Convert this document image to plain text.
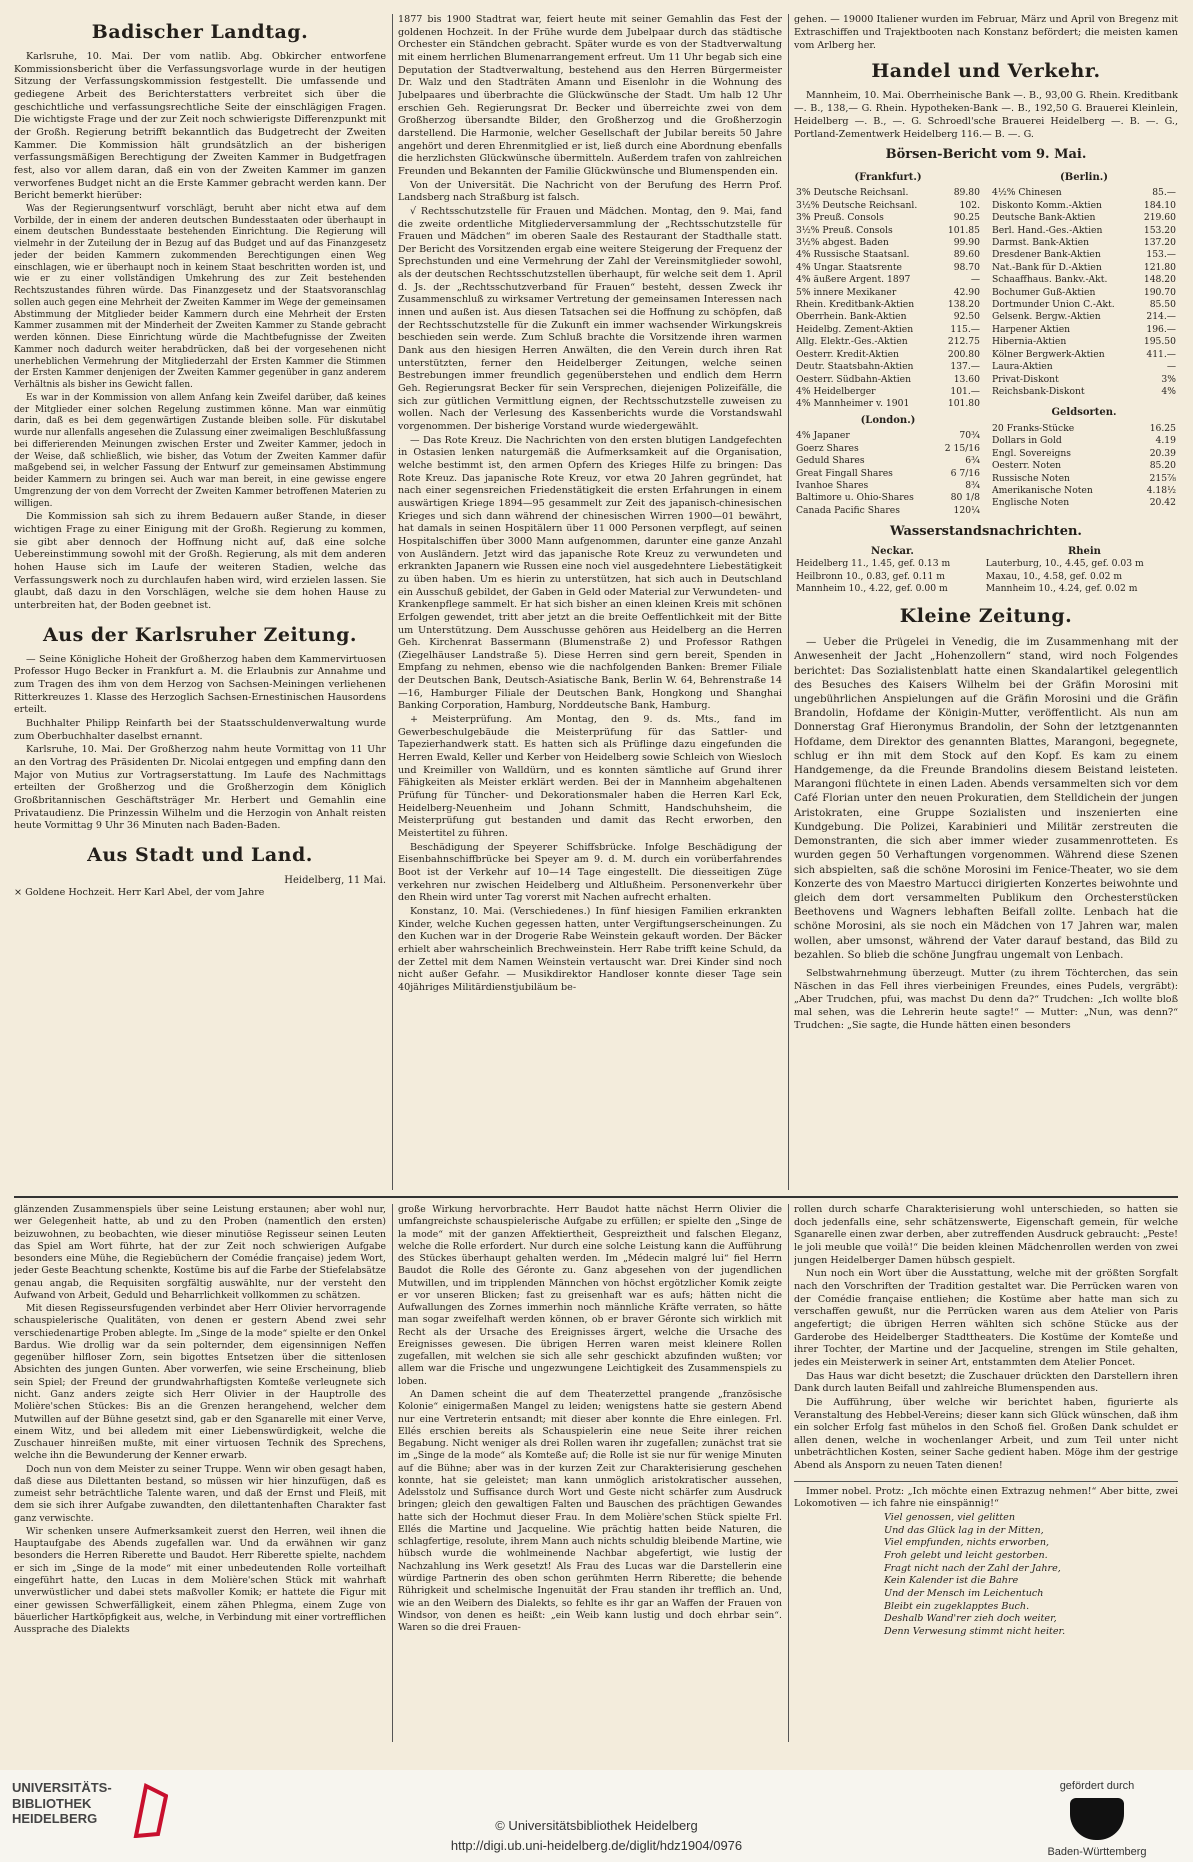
Badischer Landtag.

Karlsruhe, 10. Mai. Der vom natlib. Abg. Obkircher entworfene Kommissionsbericht über die Verfassungsvorlage wurde in der heutigen Sitzung der Verfassungskommission festgestellt. Die umfassende und gediegene Arbeit des Berichterstatters verbreitet sich über die geschichtliche und verfassungsrechtliche Seite der einschlägigen Fragen. Die wichtigste Frage und der zur Zeit noch schwierigste Differenzpunkt mit der Großh. Regierung betrifft bekanntlich das Budgetrecht der Zweiten Kammer. Die Kommission hält grundsätzlich an der bisherigen verfassungsmäßigen Berechtigung der Zweiten Kammer in Budgetfragen fest, also vor allem daran, daß ein von der Zweiten Kammer im ganzen verworfenes Budget nicht an die Erste Kammer gebracht werden kann. Der Bericht bemerkt hierüber:

Was der Regierungsentwurf vorschlägt, beruht aber nicht etwa auf dem Vorbilde, der in einem der anderen deutschen Bundesstaaten oder überhaupt in einem deutschen Bundesstaate bestehenden Einrichtung. Die Regierung will vielmehr in der Zuteilung der in Bezug auf das Budget und auf das Finanzgesetz jeder der beiden Kammern zukommenden Berechtigungen einen Weg einschlagen, wie er überhaupt noch in keinem Staat beschritten worden ist, und wie er zu einer vollständigen Umkehrung des zur Zeit bestehenden Rechtszustandes führen würde. Das Finanzgesetz und der Staatsvoranschlag sollen auch gegen eine Mehrheit der Zweiten Kammer im Wege der gemeinsamen Abstimmung der Mitglieder beider Kammern durch eine Mehrheit der Ersten Kammer zusammen mit der Minderheit der Zweiten Kammer zu Stande gebracht werden können. Diese Einrichtung würde die Machtbefugnisse der Zweiten Kammer noch dadurch weiter herabdrücken, daß bei der vorgesehenen nicht unerheblichen Vermehrung der Mitgliederzahl der Ersten Kammer die Stimmen der Ersten Kammer denjenigen der Zweiten Kammer gegenüber in ganz anderem Verhältnis als bisher ins Gewicht fallen.

Es war in der Kommission von allem Anfang kein Zweifel darüber, daß keines der Mitglieder einer solchen Regelung zustimmen könne. Man war einmütig darin, daß es bei dem gegenwärtigen Zustande bleiben solle. Für diskutabel wurde nur allenfalls angesehen die Zulassung einer zweimaligen Beschlußfassung bei differierenden Meinungen zwischen Erster und Zweiter Kammer, jedoch in der Weise, daß schließlich, wie bisher, das Votum der Zweiten Kammer dafür maßgebend sei, in welcher Fassung der Entwurf zur gemeinsamen Abstimmung beider Kammern zu bringen sei. Auch war man bereit, in eine gewisse engere Umgrenzung der von dem Vorrecht der Zweiten Kammer betroffenen Materien zu willigen.

Die Kommission sah sich zu ihrem Bedauern außer Stande, in dieser wichtigen Frage zu einer Einigung mit der Großh. Regierung zu kommen, sie gibt aber dennoch der Hoffnung nicht auf, daß eine solche Uebereinstimmung sowohl mit der Großh. Regierung, als mit dem anderen hohen Hause sich im Laufe der weiteren Stadien, welche das Verfassungswerk noch zu durchlaufen haben wird, wird erzielen lassen. Sie glaubt, daß dazu in den Vorschlägen, welche sie dem hohen Hause zu unterbreiten hat, der Boden geebnet ist.

Aus der Karlsruher Zeitung.

— Seine Königliche Hoheit der Großherzog haben dem Kammervirtuosen Professor Hugo Becker in Frankfurt a. M. die Erlaubnis zur Annahme und zum Tragen des ihm von dem Herzog von Sachsen-Meiningen verliehenen Ritterkreuzes 1. Klasse des Herzoglich Sachsen-Ernestinischen Hausordens erteilt.

Buchhalter Philipp Reinfarth bei der Staatsschuldenverwaltung wurde zum Oberbuchhalter daselbst ernannt.

Karlsruhe, 10. Mai. Der Großherzog nahm heute Vormittag von 11 Uhr an den Vortrag des Präsidenten Dr. Nicolai entgegen und empfing dann den Major von Mutius zur Vortragserstattung. Im Laufe des Nachmittags erteilten der Großherzog und die Großherzogin dem Königlich Großbritannischen Geschäftsträger Mr. Herbert und Gemahlin eine Privataudienz. Die Prinzessin Wilhelm und die Herzogin von Anhalt reisten heute Vormittag 9 Uhr 36 Minuten nach Baden-Baden.

Aus Stadt und Land.
Heidelberg, 11 Mai.

× Goldene Hochzeit. Herr Karl Abel, der vom Jahre

1877 bis 1900 Stadtrat war, feiert heute mit seiner Gemahlin das Fest der goldenen Hochzeit. In der Frühe wurde dem Jubelpaar durch das städtische Orchester ein Ständchen gebracht. Später wurde es von der Stadtverwaltung mit einem herrlichen Blumenarrangement erfreut. Um 11 Uhr begab sich eine Deputation der Stadtverwaltung, bestehend aus den Herren Bürgermeister Dr. Walz und den Stadträten Amann und Eisenlohr in die Wohnung des Jubelpaares und überbrachte die Glückwünsche der Stadt. Um halb 12 Uhr erschien Geh. Regierungsrat Dr. Becker und überreichte zwei von dem Großherzog übersandte Bilder, den Großherzog und die Großherzogin darstellend. Die Harmonie, welcher Gesellschaft der Jubilar bereits 50 Jahre angehört und deren Ehrenmitglied er ist, ließ durch eine Abordnung ebenfalls die herzlichsten Glückwünsche übermitteln. Außerdem trafen von zahlreichen Freunden und Bekannten der Familie Glückwünsche und Blumenspenden ein.

Von der Universität. Die Nachricht von der Berufung des Herrn Prof. Landsberg nach Straßburg ist falsch.

√ Rechtsschutzstelle für Frauen und Mädchen. Montag, den 9. Mai, fand die zweite ordentliche Mitgliederversammlung der „Rechtsschutzstelle für Frauen und Mädchen“ im oberen Saale des Restaurant der Stadthalle statt. Der Bericht des Vorsitzenden ergab eine weitere Steigerung der Frequenz der Sprechstunden und eine Vermehrung der Zahl der Vereinsmitglieder sowohl, als der deutschen Rechtsschutzstellen überhaupt, für welche seit dem 1. April d. Js. der „Rechtsschutzverband für Frauen“ besteht, dessen Zweck ihr Zusammenschluß zu wirksamer Vertretung der gemeinsamen Interessen nach innen und außen ist. Aus diesen Tatsachen sei die Hoffnung zu schöpfen, daß der Rechtsschutzstelle für die Zukunft ein immer wachsender Wirkungskreis beschieden sein werde. Zum Schluß brachte die Vorsitzende ihren warmen Dank aus den hiesigen Herren Anwälten, die den Verein durch ihren Rat unterstützten, ferner den Heidelberger Zeitungen, welche seinen Bestrebungen immer freundlich gegenüberstehen und endlich dem Herrn Geh. Regierungsrat Becker für sein Versprechen, diejenigen Polizeifälle, die sich zur gütlichen Vermittlung eignen, der Rechtsschutzstelle zuweisen zu wollen. Nach der Verlesung des Kassenberichts wurde die Vorstandswahl vorgenommen. Der bisherige Vorstand wurde wiedergewählt.

— Das Rote Kreuz. Die Nachrichten von den ersten blutigen Landgefechten in Ostasien lenken naturgemäß die Aufmerksamkeit auf die Organisation, welche bestimmt ist, den armen Opfern des Krieges Hilfe zu bringen: Das Rote Kreuz. Das japanische Rote Kreuz, vor etwa 20 Jahren gegründet, hat nach einer segensreichen Friedenstätigkeit die ersten Erfahrungen in einem auswärtigen Kriege 1894—95 gesammelt zur Zeit des japanisch-chinesischen Krieges und sich dann während der chinesischen Wirren 1900—01 bewährt, hat damals in seinen Hospitälern über 11 000 Personen verpflegt, auf seinen Hospitalschiffen über 3000 Mann aufgenommen, darunter eine ganze Anzahl von Ausländern. Jetzt wird das japanische Rote Kreuz zu verwundeten und erkrankten Japanern wie Russen eine noch viel ausgedehntere Liebestätigkeit zu üben haben. Um es hierin zu unterstützen, hat sich auch in Deutschland ein Ausschuß gebildet, der Gaben in Geld oder Material zur Verwundeten- und Krankenpflege sammelt. Er hat sich bisher an einen kleinen Kreis mit schönen Erfolgen gewendet, tritt aber jetzt an die breite Oeffentlichkeit mit der Bitte um Unterstützung. Dem Ausschusse gehören aus Heidelberg an die Herren Geh. Kirchenrat Bassermann (Blumenstraße 2) und Professor Rathgen (Ziegelhäuser Landstraße 5). Diese Herren sind gern bereit, Spenden in Empfang zu nehmen, ebenso wie die nachfolgenden Banken: Bremer Filiale der Deutschen Bank, Deutsch-Asiatische Bank, Berlin W. 64, Behrenstraße 14—16, Hamburger Filiale der Deutschen Bank, Hongkong und Shanghai Banking Corporation, Hamburg, Norddeutsche Bank, Hamburg.

+ Meisterprüfung. Am Montag, den 9. ds. Mts., fand im Gewerbeschulgebäude die Meisterprüfung für das Sattler- und Tapezierhandwerk statt. Es hatten sich als Prüflinge dazu eingefunden die Herren Ewald, Keller und Kerber von Heidelberg sowie Schleich von Wiesloch und Kreimiller von Walldürn, und es konnten sämtliche auf Grund ihrer Fähigkeiten als Meister erklärt werden. Bei der in Mannheim abgehaltenen Prüfung für Tüncher- und Dekorationsmaler haben die Herren Karl Eck, Heidelberg-Neuenheim und Johann Schmitt, Handschuhsheim, die Meisterprüfung gut bestanden und damit das Recht erworben, den Meistertitel zu führen.

Beschädigung der Speyerer Schiffsbrücke. Infolge Beschädigung der Eisenbahnschiffbrücke bei Speyer am 9. d. M. durch ein vorüberfahrendes Boot ist der Verkehr auf 10—14 Tage eingestellt. Die diesseitigen Züge verkehren nur zwischen Heidelberg und Altlußheim. Personenverkehr über den Rhein wird unter Tag vorerst mit Nachen aufrecht erhalten.

Konstanz, 10. Mai. (Verschiedenes.) In fünf hiesigen Familien erkrankten Kinder, welche Kuchen gegessen hatten, unter Vergiftungserscheinungen. Zu den Kuchen war in der Drogerie Rabe Weinstein gekauft worden. Der Bäcker erhielt aber wahrscheinlich Brechweinstein. Herr Rabe trifft keine Schuld, da der Zettel mit dem Namen Weinstein vertauscht war. Drei Kinder sind noch nicht außer Gefahr. — Musikdirektor Handloser konnte dieser Tage sein 40jähriges Militärdienstjubiläum be-

gehen. — 19000 Italiener wurden im Februar, März und April von Bregenz mit Extraschiffen und Trajektbooten nach Konstanz befördert; die meisten kamen vom Arlberg her.

Handel und Verkehr.

Mannheim, 10. Mai. Oberrheinische Bank —. B., 93,00 G. Rhein. Kreditbank —. B., 138,— G. Rhein. Hypotheken-Bank —. B., 192,50 G. Brauerei Kleinlein, Heidelberg —. B., —. G. Schroedl'sche Brauerei Heidelberg —. B. —. G., Portland-Zementwerk Heidelberg 116.— B. —. G.

Börsen-Bericht vom 9. Mai.
(Frankfurt.)
3% Deutsche Reichsanl.	89.80
3½% Deutsche Reichsanl.	102.
3% Preuß. Consols	90.25
3½% Preuß. Consols	101.85
3½% abgest. Baden	99.90
4% Russische Staatsanl.	89.60
4% Ungar. Staatsrente	98.70
4% äußere Argent. 1897	—
5% innere Mexikaner	42.90
Rhein. Kreditbank-Aktien	138.20
Oberrhein. Bank-Aktien	92.50
Heidelbg. Zement-Aktien	115.—
Allg. Elektr.-Ges.-Aktien	212.75
Oesterr. Kredit-Aktien	200.80
Deutr. Staatsbahn-Aktien	137.—
Oesterr. Südbahn-Aktien	13.60
4% Heidelberger	101.—
4% Mannheimer v. 1901	101.80
(London.)
4% Japaner	70¾
Goerz Shares	2 15/16
Geduld Shares	6¾
Great Fingall Shares	6 7/16
Ivanhoe Shares	8¾
Baltimore u. Ohio-Shares	80 1/8
Canada Pacific Shares	120¼
(Berlin.)
4½% Chinesen	85.—
Diskonto Komm.-Aktien	184.10
Deutsche Bank-Aktien	219.60
Berl. Hand.-Ges.-Aktien	153.20
Darmst. Bank-Aktien	137.20
Dresdener Bank-Aktien	153.—
Nat.-Bank für D.-Aktien	121.80
Schaaffhaus. Bankv.-Akt.	148.20
Bochumer Guß-Aktien	190.70
Dortmunder Union C.-Akt.	85.50
Gelsenk. Bergw.-Aktien	214.—
Harpener Aktien	196.—
Hibernia-Aktien	195.50
Kölner Bergwerk-Aktien	411.—
Laura-Aktien	—
Privat-Diskont	3%
Reichsbank-Diskont	4%
Geldsorten.
20 Franks-Stücke	16.25
Dollars in Gold	4.19
Engl. Sovereigns	20.39
Oesterr. Noten	85.20
Russische Noten	215⅞
Amerikanische Noten	4.18½
Englische Noten	20.42
Wasserstandsnachrichten.
Neckar.	Rhein
Heidelberg 11., 1.45, gef. 0.13 m	Lauterburg, 10., 4.45, gef. 0.03 m
Heilbronn 10., 0.83, gef. 0.11 m	Maxau, 10., 4.58, gef. 0.02 m
Mannheim 10., 4.22, gef. 0.00 m	Mannheim 10., 4.24, gef. 0.02 m
Kleine Zeitung.

— Ueber die Prügelei in Venedig, die im Zusammenhang mit der Anwesenheit der Jacht „Hohenzollern“ stand, wird noch Folgendes berichtet: Das Sozialistenblatt hatte einen Skandalartikel gelegentlich des Besuches des Kaisers Wilhelm bei der Gräfin Morosini mit ungebührlichen Anspielungen auf die Gräfin Morosini und die Gräfin Brandolin, Hofdame der Königin-Mutter, veröffentlicht. Als nun am Donnerstag Graf Hieronymus Brandolin, der Sohn der letztgenannten Hofdame, dem Direktor des genannten Blattes, Marangoni, begegnete, schlug er ihn mit dem Stock auf den Kopf. Es kam zu einem Handgemenge, da die Freunde Brandolins diesem Beistand leisteten. Marangoni flüchtete in einen Laden. Abends versammelten sich vor dem Café Florian unter den neuen Prokuratien, dem Stelldichein der jungen Aristokraten, eine Gruppe Sozialisten und inszenierten eine Kundgebung. Die Polizei, Karabinieri und Militär zerstreuten die Demonstranten, die sich aber immer wieder zusammenrotteten. Es wurden gegen 50 Verhaftungen vorgenommen. Während diese Szenen sich abspielten, saß die schöne Morosini im Fenice-Theater, wo sie dem Konzerte des von Maestro Martucci dirigierten Konzertes beiwohnte und gleich dem dort versammelten Publikum den Orchesterstücken Beethovens und Wagners lebhaften Beifall zollte. Lenbach hat die schöne Morosini, als sie noch ein Mädchen von 17 Jahren war, malen wollen, aber umsonst, während der Vater darauf bestand, das Bild zu bezahlen. So blieb die schöne Jungfrau ungemalt von Lenbach.

Selbstwahrnehmung überzeugt. Mutter (zu ihrem Töchterchen, das sein Näschen in das Fell ihres vierbeinigen Freundes, eines Pudels, vergräbt): „Aber Trudchen, pfui, was machst Du denn da?“ Trudchen: „Ich wollte bloß mal sehen, was die Lehrerin heute sagte!“ — Mutter: „Nun, was denn?“ Trudchen: „Sie sagte, die Hunde hätten einen besonders

glänzenden Zusammenspiels über seine Leistung erstaunen; aber wohl nur, wer Gelegenheit hatte, ab und zu den Proben (namentlich den ersten) beizuwohnen, zu beobachten, wie dieser minutiöse Regisseur seinen Leuten das Spiel am Wort führte, hat der zur Zeit noch schwierigen Aufgabe besonders eine Mühe, die Regiebüchern der Comédie française) jedem Wort, jeder Geste Beachtung schenkte, Kostüme bis auf die Farbe der Stiefelabsätze genau angab, die Requisiten sorgfältig auswählte, nur der versteht den Aufwand von Arbeit, Geduld und Beharrlichkeit vollkommen zu schätzen.

Mit diesen Regisseursfugenden verbindet aber Herr Olivier hervorragende schauspielerische Qualitäten, von denen er gestern Abend zwei sehr verschiedenartige Proben ablegte. Im „Singe de la mode“ spielte er den Onkel Bardus. Wie drollig war da sein polternder, dem eigensinnigen Neffen gegenüber hilfloser Zorn, sein bigottes Entsetzen über die sittenlosen Absichten des jungen Gunten. Aber vorwerfen, wie seine Erscheinung, blieb sein Spiel; der Freund der grundwahrhaftigsten Komteße verleugnete sich nicht. Ganz anders zeigte sich Herr Olivier in der Hauptrolle des Molière'schen Stückes: Bis an die Grenzen herangehend, welcher dem Mutwillen auf der Bühne gesetzt sind, gab er den Sganarelle mit einer Verve, einem Witz, und bei alledem mit einer Liebenswürdigkeit, welche die Zuschauer hinreißen mußte, mit einer virtuosen Technik des Sprechens, welche ihn die Bewunderung der Kenner erwarb.

Doch nun von dem Meister zu seiner Truppe. Wenn wir oben gesagt haben, daß diese aus Dilettanten bestand, so müssen wir hier hinzufügen, daß es zumeist sehr beträchtliche Talente waren, und daß der Ernst und Fleiß, mit dem sie sich ihrer Aufgabe zuwandten, den dilettantenhaften Charakter fast ganz verwischte.

Wir schenken unsere Aufmerksamkeit zuerst den Herren, weil ihnen die Hauptaufgabe des Abends zugefallen war. Und da erwähnen wir ganz besonders die Herren Riberette und Baudot. Herr Riberette spielte, nachdem er sich im „Singe de la mode“ mit einer unbedeutenden Rolle vorteilhaft eingeführt hatte, den Lucas in dem Molière'schen Stück mit wahrhaft unverwüstlicher und dabei stets maßvoller Komik; er hattete die Figur mit einer gewissen Schwerfälligkeit, einem zähen Phlegma, einem Zuge von bäuerlicher Hartköpfigkeit aus, welche, in Verbindung mit einer vortrefflichen Aussprache des Dialekts

große Wirkung hervorbrachte. Herr Baudot hatte nächst Herrn Olivier die umfangreichste schauspielerische Aufgabe zu erfüllen; er spielte den „Singe de la mode“ mit der ganzen Affektiertheit, Gespreiztheit und falschen Eleganz, welche die Rolle erfordert. Nur durch eine solche Leistung kann die Aufführung des Stückes überhaupt gehalten werden. Im „Médecin malgré lui“ fiel Herrn Baudot die Rolle des Géronte zu. Ganz abgesehen von der jugendlichen Mutwillen, und im tripplenden Männchen von höchst ergötzlicher Komik zeigte er vor unseren Blicken; fast zu greisenhaft war es aufs; hätten nicht die Aufwallungen des Zornes immerhin noch männliche Kräfte verraten, so hätte man sogar zweifelhaft werden können, ob er braver Géronte sich wirklich mit Recht als der Ursache des Ereignisses ärgert, welche die Ursache des Ereignisses gewesen. Die übrigen Herren waren meist kleinere Rollen zugefallen, mit welchen sie sich alle sehr geschickt abzufinden wußten; vor allem war die Frische und ungezwungene Leichtigkeit des Zusammenspiels zu loben.

An Damen scheint die auf dem Theaterzettel prangende „französische Kolonie“ einigermaßen Mangel zu leiden; wenigstens hatte sie gestern Abend nur eine Vertreterin entsandt; mit dieser aber konnte die Ehre einlegen. Frl. Ellés erschien bereits als Schauspielerin eine neue Seite ihrer reichen Begabung. Nicht weniger als drei Rollen waren ihr zugefallen; zunächst trat sie im „Singe de la mode“ als Komteße auf; die Rolle ist sie nur für wenige Minuten auf die Bühne; aber was in der kurzen Zeit zur Charakterisierung geschehen konnte, hat sie geleistet; man kann unmöglich aristokratischer aussehen, Adelsstolz und Suffisance durch Wort und Geste nicht schärfer zum Ausdruck bringen; gleich den gewaltigen Falten und Bauschen des prächtigen Gewandes hatte sich der Hochmut dieser Frau. In dem Molière'schen Stück spielte Frl. Ellés die Martine und Jacqueline. Wie prächtig hatten beide Naturen, die schlagfertige, resolute, ihrem Mann auch nichts schuldig bleibende Martine, wie hübsch wurde die wohlmeinende Nachbar abgefertigt, wie lustig der Nachzahlung ins Werk gesetzt! Als Frau des Lucas war die Darstellerin eine würdige Partnerin des oben schon gerühmten Herrn Riberette; die behende Rührigkeit und schelmische Ingenuität der Frau standen ihr trefflich an. Und, wie an den Weibern des Dialekts, so fehlte es ihr gar an Waffen der Frauen von Windsor, von denen es heißt: „ein Weib kann lustig und doch ehrbar sein“. Waren so die drei Frauen-

rollen durch scharfe Charakterisierung wohl unterschieden, so hatten sie doch jedenfalls eine, sehr schätzenswerte, Eigenschaft gemein, für welche Sganarelle einen zwar derben, aber zutreffenden Ausdruck gebraucht: „Peste! le joli meuble que voilà!“ Die beiden kleinen Mädchenrollen werden von zwei jungen Heidelberger Damen hübsch gespielt.

Nun noch ein Wort über die Ausstattung, welche mit der größten Sorgfalt nach den Vorschriften der Tradition gestaltet war. Die Perrücken waren von der Comédie française entliehen; die Kostüme aber hatte man sich zu verschaffen gewußt, nur die Perrücken waren aus dem Atelier von Paris angefertigt; die übrigen Herren wählten sich schöne Stücke aus der Garderobe des Heidelberger Stadttheaters. Die Kostüme der Komteße und ihrer Tochter, der Martine und der Jacqueline, strengen im Stile gehalten, jedes ein Meisterwerk in seiner Art, entstammten dem Atelier Poncet.

Das Haus war dicht besetzt; die Zuschauer drückten den Darstellern ihren Dank durch lauten Beifall und zahlreiche Blumenspenden aus.

Die Aufführung, über welche wir berichtet haben, figurierte als Veranstaltung des Hebbel-Vereins; dieser kann sich Glück wünschen, daß ihm ein solcher Erfolg fast mühelos in den Schoß fiel. Großen Dank schuldet er allen denen, welche in wochenlanger Arbeit, und zum Teil unter nicht unbeträchtlichen Kosten, seiner Sache gedient haben. Möge ihm der gestrige Abend als Ansporn zu neuen Taten dienen!

Immer nobel. Protz: „Ich möchte einen Extrazug nehmen!“ Aber bitte, zwei Lokomotiven — ich fahre nie einspännig!“

Viel genossen, viel gelitten
Und das Glück lag in der Mitten,
Viel empfunden, nichts erworben,
Froh gelebt und leicht gestorben.
Fragt nicht nach der Zahl der Jahre,
Kein Kalender ist die Bahre
Und der Mensch im Leichentuch
Bleibt ein zugeklapptes Buch.
Deshalb Wand'rer zieh doch weiter,
Denn Verwesung stimmt nicht heiter.
UNIVERSITÄTS-
BIBLIOTHEK
HEIDELBERG	© Universitätsbibliothek Heidelberg
http://digi.ub.uni-heidelberg.de/diglit/hdz1904/0976
gefördert durch
Baden-Württemberg
